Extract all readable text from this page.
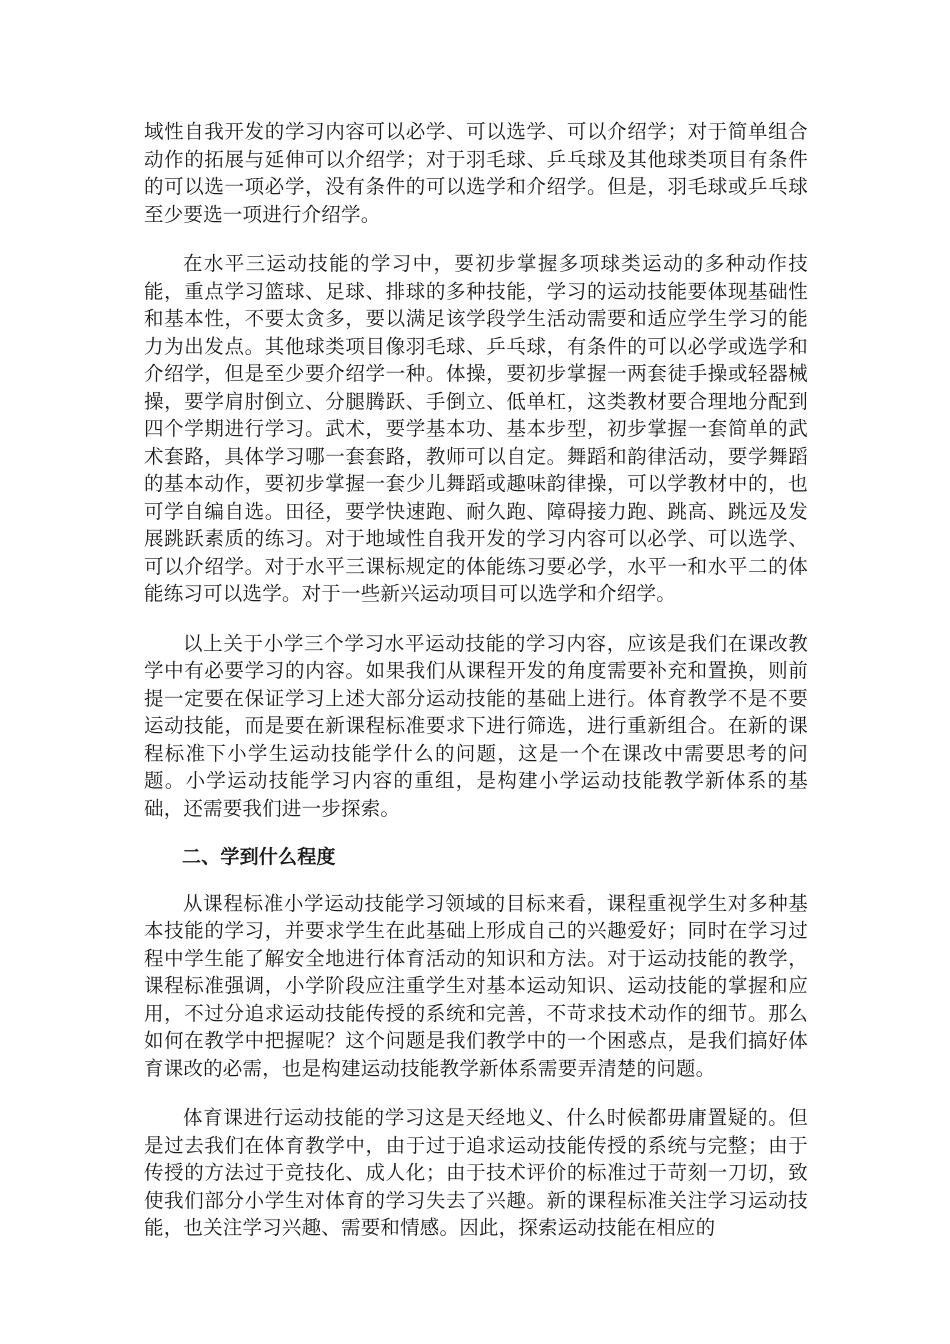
域性自我开发的学习内容可以必学、可以选学、可以介绍学；对于简单组合动作的拓展与延伸可以介绍学；对于羽毛球、乒乓球及其他球类项目有条件的可以选一项必学，没有条件的可以选学和介绍学。但是，羽毛球或乒乓球至少要选一项进行介绍学。

在水平三运动技能的学习中，要初步掌握多项球类运动的多种动作技能，重点学习篮球、足球、排球的多种技能，学习的运动技能要体现基础性和基本性，不要太贪多，要以满足该学段学生活动需要和适应学生学习的能力为出发点。其他球类项目像羽毛球、乒乓球，有条件的可以必学或选学和介绍学，但是至少要介绍学一种。体操，要初步掌握一两套徒手操或轻器械操，要学肩肘倒立、分腿腾跃、手倒立、低单杠，这类教材要合理地分配到四个学期进行学习。武术，要学基本功、基本步型，初步掌握一套简单的武术套路，具体学习哪一套套路，教师可以自定。舞蹈和韵律活动，要学舞蹈的基本动作，要初步掌握一套少儿舞蹈或趣味韵律操，可以学教材中的，也可学自编自选。田径，要学快速跑、耐久跑、障碍接力跑、跳高、跳远及发展跳跃素质的练习。对于地域性自我开发的学习内容可以必学、可以选学、可以介绍学。对于水平三课标规定的体能练习要必学，水平一和水平二的体能练习可以选学。对于一些新兴运动项目可以选学和介绍学。

以上关于小学三个学习水平运动技能的学习内容，应该是我们在课改教学中有必要学习的内容。如果我们从课程开发的角度需要补充和置换，则前提一定要在保证学习上述大部分运动技能的基础上进行。体育教学不是不要运动技能，而是要在新课程标准要求下进行筛选，进行重新组合。在新的课程标准下小学生运动技能学什么的问题，这是一个在课改中需要思考的问题。小学运动技能学习内容的重组，是构建小学运动技能教学新体系的基础，还需要我们进一步探索。

二、学到什么程度

从课程标准小学运动技能学习领域的目标来看，课程重视学生对多种基本技能的学习，并要求学生在此基础上形成自己的兴趣爱好；同时在学习过程中学生能了解安全地进行体育活动的知识和方法。对于运动技能的教学，课程标准强调，小学阶段应注重学生对基本运动知识、运动技能的掌握和应用，不过分追求运动技能传授的系统和完善，不苛求技术动作的细节。那么如何在教学中把握呢？这个问题是我们教学中的一个困惑点，是我们搞好体育课改的必需，也是构建运动技能教学新体系需要弄清楚的问题。

体育课进行运动技能的学习这是天经地义、什么时候都毋庸置疑的。但是过去我们在体育教学中，由于过于追求运动技能传授的系统与完整；由于传授的方法过于竞技化、成人化；由于技术评价的标准过于苛刻一刀切，致使我们部分小学生对体育的学习失去了兴趣。新的课程标准关注学习运动技能，也关注学习兴趣、需要和情感。因此，探索运动技能在相应的
